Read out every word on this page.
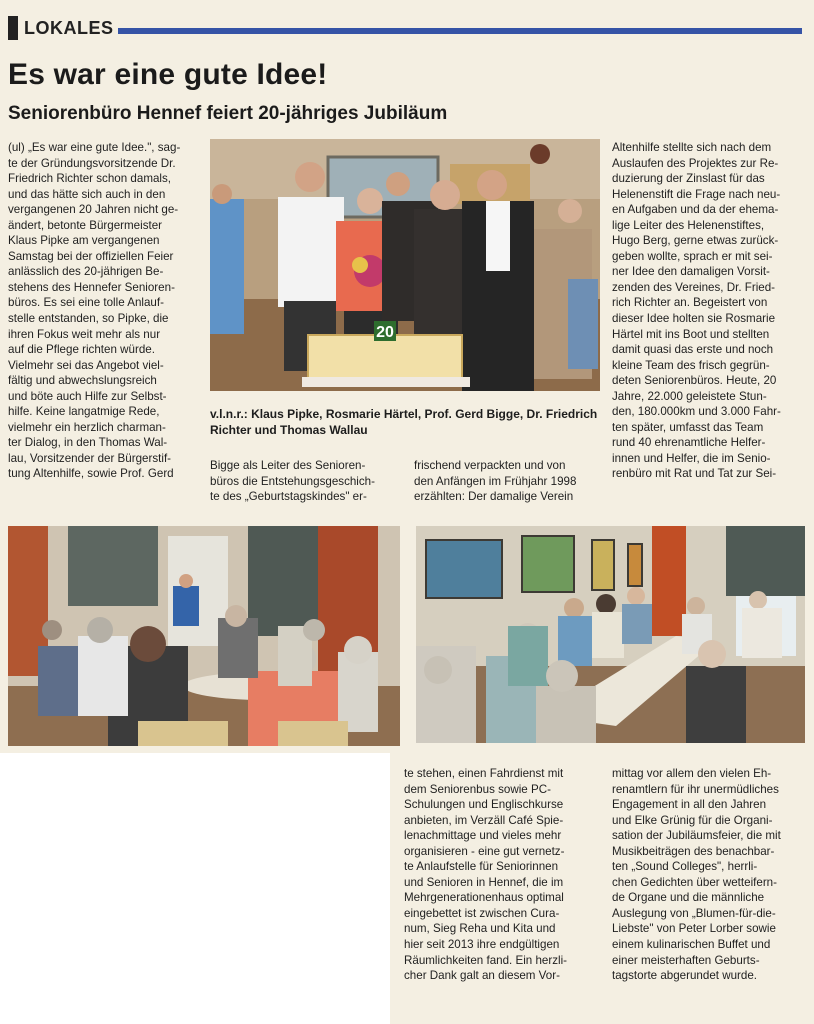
LOKALES
Es war eine gute Idee!
Seniorenbüro Hennef feiert 20-jähriges Jubiläum
(ul) „Es war eine gute Idee.", sag-
te der Gründungsvorsitzende Dr.
Friedrich Richter schon damals,
und das hätte sich auch in den
vergangenen 20 Jahren nicht ge-
ändert, betonte Bürgermeister
Klaus Pipke am vergangenen
Samstag bei der offiziellen Feier
anlässlich des 20-jährigen Be-
stehens des Hennefer Senioren-
büros. Es sei eine tolle Anlauf-
stelle entstanden, so Pipke, die
ihren Fokus weit mehr als nur
auf die Pflege richten würde.
Vielmehr sei das Angebot viel-
fältig und abwechslungsreich
und böte auch Hilfe zur Selbst-
hilfe. Keine langatmige Rede,
vielmehr ein herzlich charman-
ter Dialog, in den Thomas Wal-
lau, Vorsitzender der Bürgerstif-
tung Altenhilfe, sowie Prof. Gerd
Bigge als Leiter des Senioren-
büros die Entstehungsgeschich-
te des „Geburtstagskindes" er-
frischend verpackten und von
den Anfängen im Frühjahr 1998
erzählten: Der damalige Verein
Altenhilfe stellte sich nach dem
Auslaufen des Projektes zur Re-
duzierung der Zinslast für das
Helenenstift die Frage nach neu-
en Aufgaben und da der ehema-
lige Leiter des Helenenstiftes,
Hugo Berg, gerne etwas zurück-
geben wollte, sprach er mit sei-
ner Idee den damaligen Vorsit-
zenden des Vereines, Dr. Fried-
rich Richter an. Begeistert von
dieser Idee holten sie Rosmarie
Härtel mit ins Boot und stellten
damit quasi das erste und noch
kleine Team des frisch gegrün-
deten Seniorenbüros. Heute, 20
Jahre, 22.000 geleistete Stun-
den, 180.000km und 3.000 Fahr-
ten später, umfasst das Team
rund 40 ehrenamtliche Helfer-
innen und Helfer, die im Senio-
renbüro mit Rat und Tat zur Sei-
te stehen, einen Fahrdienst mit
dem Seniorenbus sowie PC-
Schulungen und Englischkurse
anbieten, im Verzäll Café Spie-
lenachmittage und vieles mehr
organisieren - eine gut vernetz-
te Anlaufstelle für Seniorinnen
und Senioren in Hennef, die im
Mehrgenerationenhaus optimal
eingebettet ist zwischen Cura-
num, Sieg Reha und Kita und
hier seit 2013 ihre endgültigen
Räumlichkeiten fand. Ein herzli-
cher Dank galt an diesem Vor-
mittag vor allem den vielen Eh-
renamtlern für ihr unermüdliches
Engagement in all den Jahren
und Elke Grünig für die Organi-
sation der Jubiläumsfeier, die mit
Musikbeiträgen des benachbar-
ten „Sound Colleges", herrli-
chen Gedichten über wetteifern-
de Organe und die männliche
Auslegung von „Blumen-für-die-
Liebste" von Peter Lorber sowie
einem kulinarischen Buffet und
einer meisterhaften Geburts-
tagstorte abgerundet wurde.
20
v.l.n.r.: Klaus Pipke, Rosmarie Härtel, Prof. Gerd Bigge, Dr. Friedrich
Richter und Thomas Wallau
